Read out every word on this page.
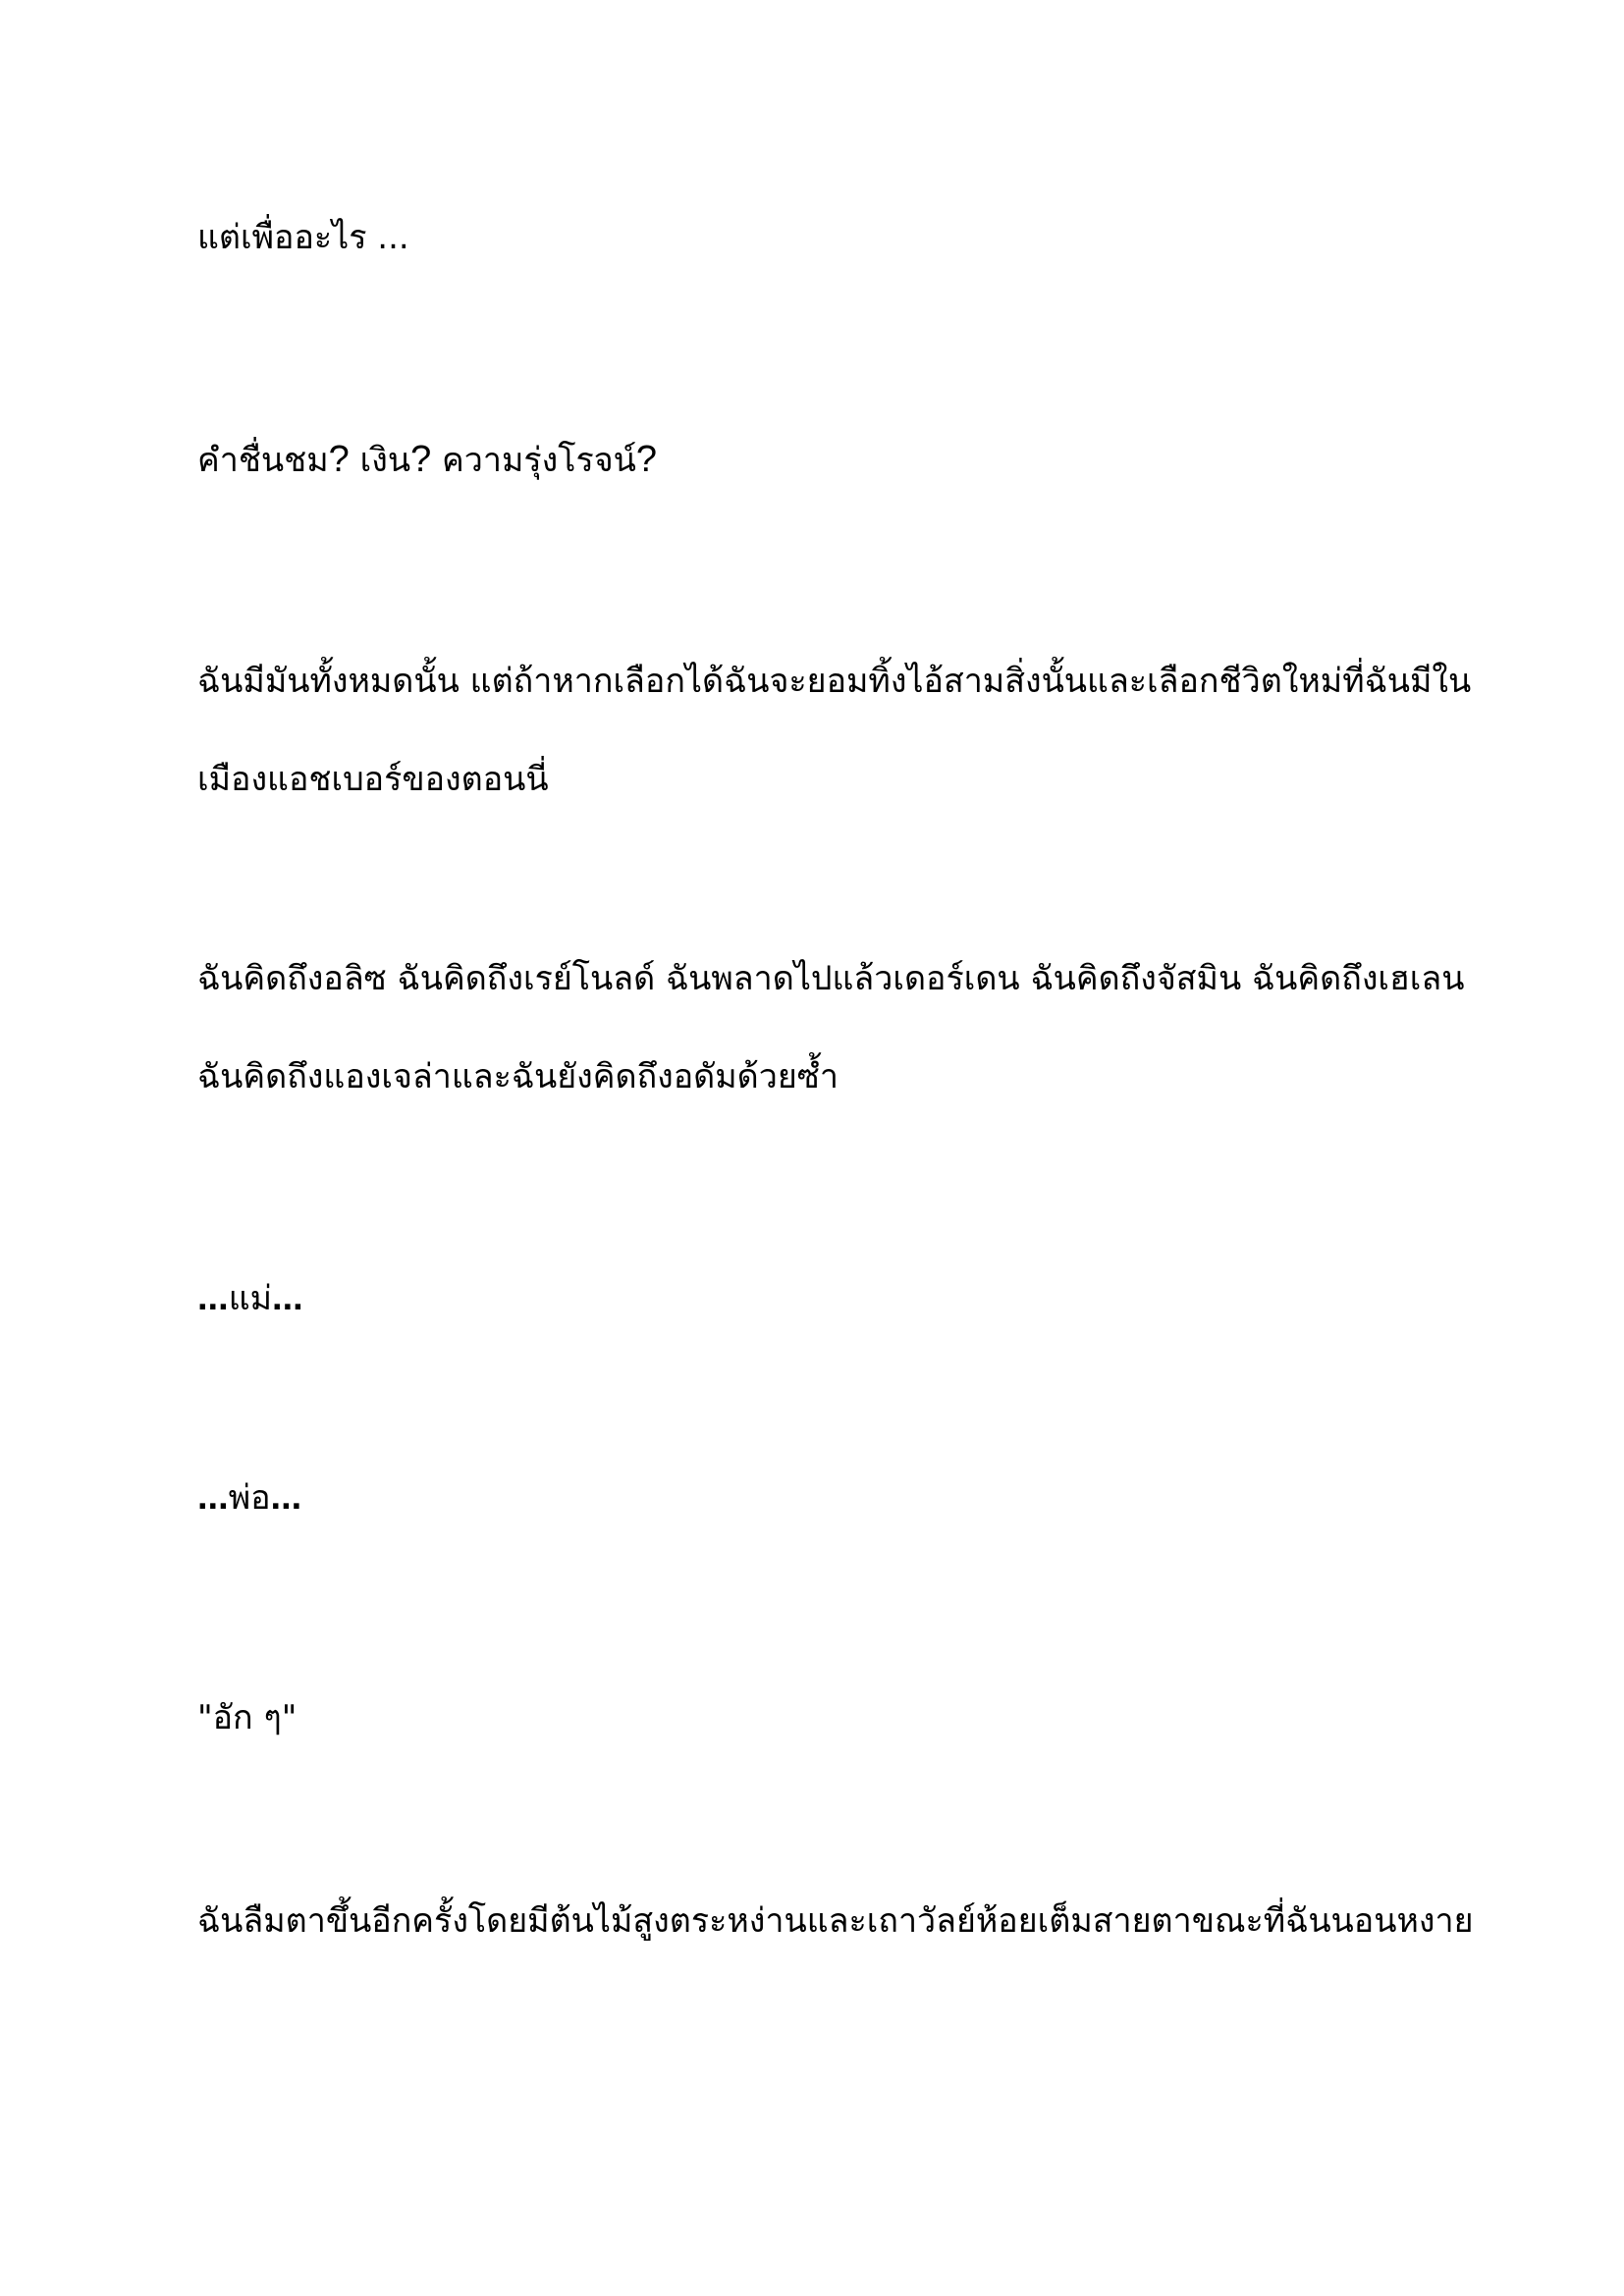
แต่เพื่ออะไร ...

คำชื่นชม? เงิน? ความรุ่งโรจน์?

ฉันมีมันทั้งหมดนั้น แต่ถ้าหากเลือกได้ฉันจะยอมทิ้งไอ้สามสิ่งนั้นและเลือกชีวิตใหม่ที่ฉันมีในเมืองแอชเบอร์ของตอนนี่

ฉันคิดถึงอลิซ ฉันคิดถึงเรย์โนลด์ ฉันพลาดไปแล้วเดอร์เดน ฉันคิดถึงจัสมิน ฉันคิดถึงเฮเลน ฉันคิดถึงแองเจล่าและฉันยังคิดถึงอดัมด้วยซ้ำ

...แม่...

...พ่อ...

"อัก ๆ"

ฉันลืมตาขึ้นอีกครั้งโดยมีต้นไม้สูงตระหง่านและเถาวัลย์ห้อยเต็มสายตาขณะที่ฉันนอนหงาย
